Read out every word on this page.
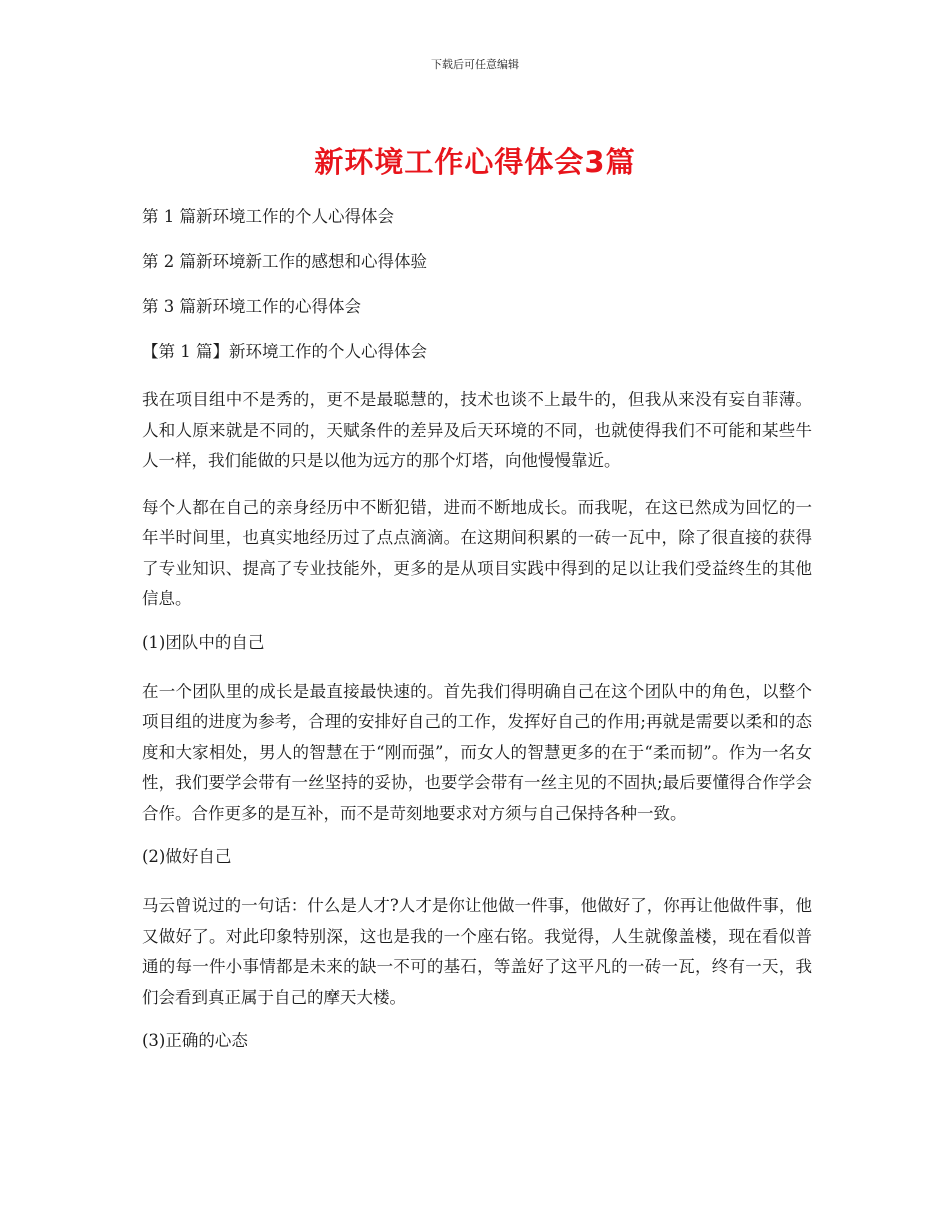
下载后可任意编辑
新环境工作心得体会3篇
第 1 篇新环境工作的个人心得体会
第 2 篇新环境新工作的感想和心得体验
第 3 篇新环境工作的心得体会
【第 1 篇】新环境工作的个人心得体会

我在项目组中不是秀的，更不是最聪慧的，技术也谈不上最牛的，但我从来没有妄自菲薄。人和人原来就是不同的，天赋条件的差异及后天环境的不同，也就使得我们不可能和某些牛人一样，我们能做的只是以他为远方的那个灯塔，向他慢慢靠近。

每个人都在自己的亲身经历中不断犯错，进而不断地成长。而我呢，在这已然成为回忆的一年半时间里，也真实地经历过了点点滴滴。在这期间积累的一砖一瓦中，除了很直接的获得了专业知识、提高了专业技能外，更多的是从项目实践中得到的足以让我们受益终生的其他信息。

(1)团队中的自己

在一个团队里的成长是最直接最快速的。首先我们得明确自己在这个团队中的角色，以整个项目组的进度为参考，合理的安排好自己的工作，发挥好自己的作用;再就是需要以柔和的态度和大家相处，男人的智慧在于“刚而强”，而女人的智慧更多的在于“柔而韧”。作为一名女性，我们要学会带有一丝坚持的妥协，也要学会带有一丝主见的不固执;最后要懂得合作学会合作。合作更多的是互补，而不是苛刻地要求对方须与自己保持各种一致。

(2)做好自己

马云曾说过的一句话：什么是人才?人才是你让他做一件事，他做好了，你再让他做件事，他又做好了。对此印象特别深，这也是我的一个座右铭。我觉得，人生就像盖楼，现在看似普通的每一件小事情都是未来的缺一不可的基石，等盖好了这平凡的一砖一瓦，终有一天，我们会看到真正属于自己的摩天大楼。

(3)正确的心态
